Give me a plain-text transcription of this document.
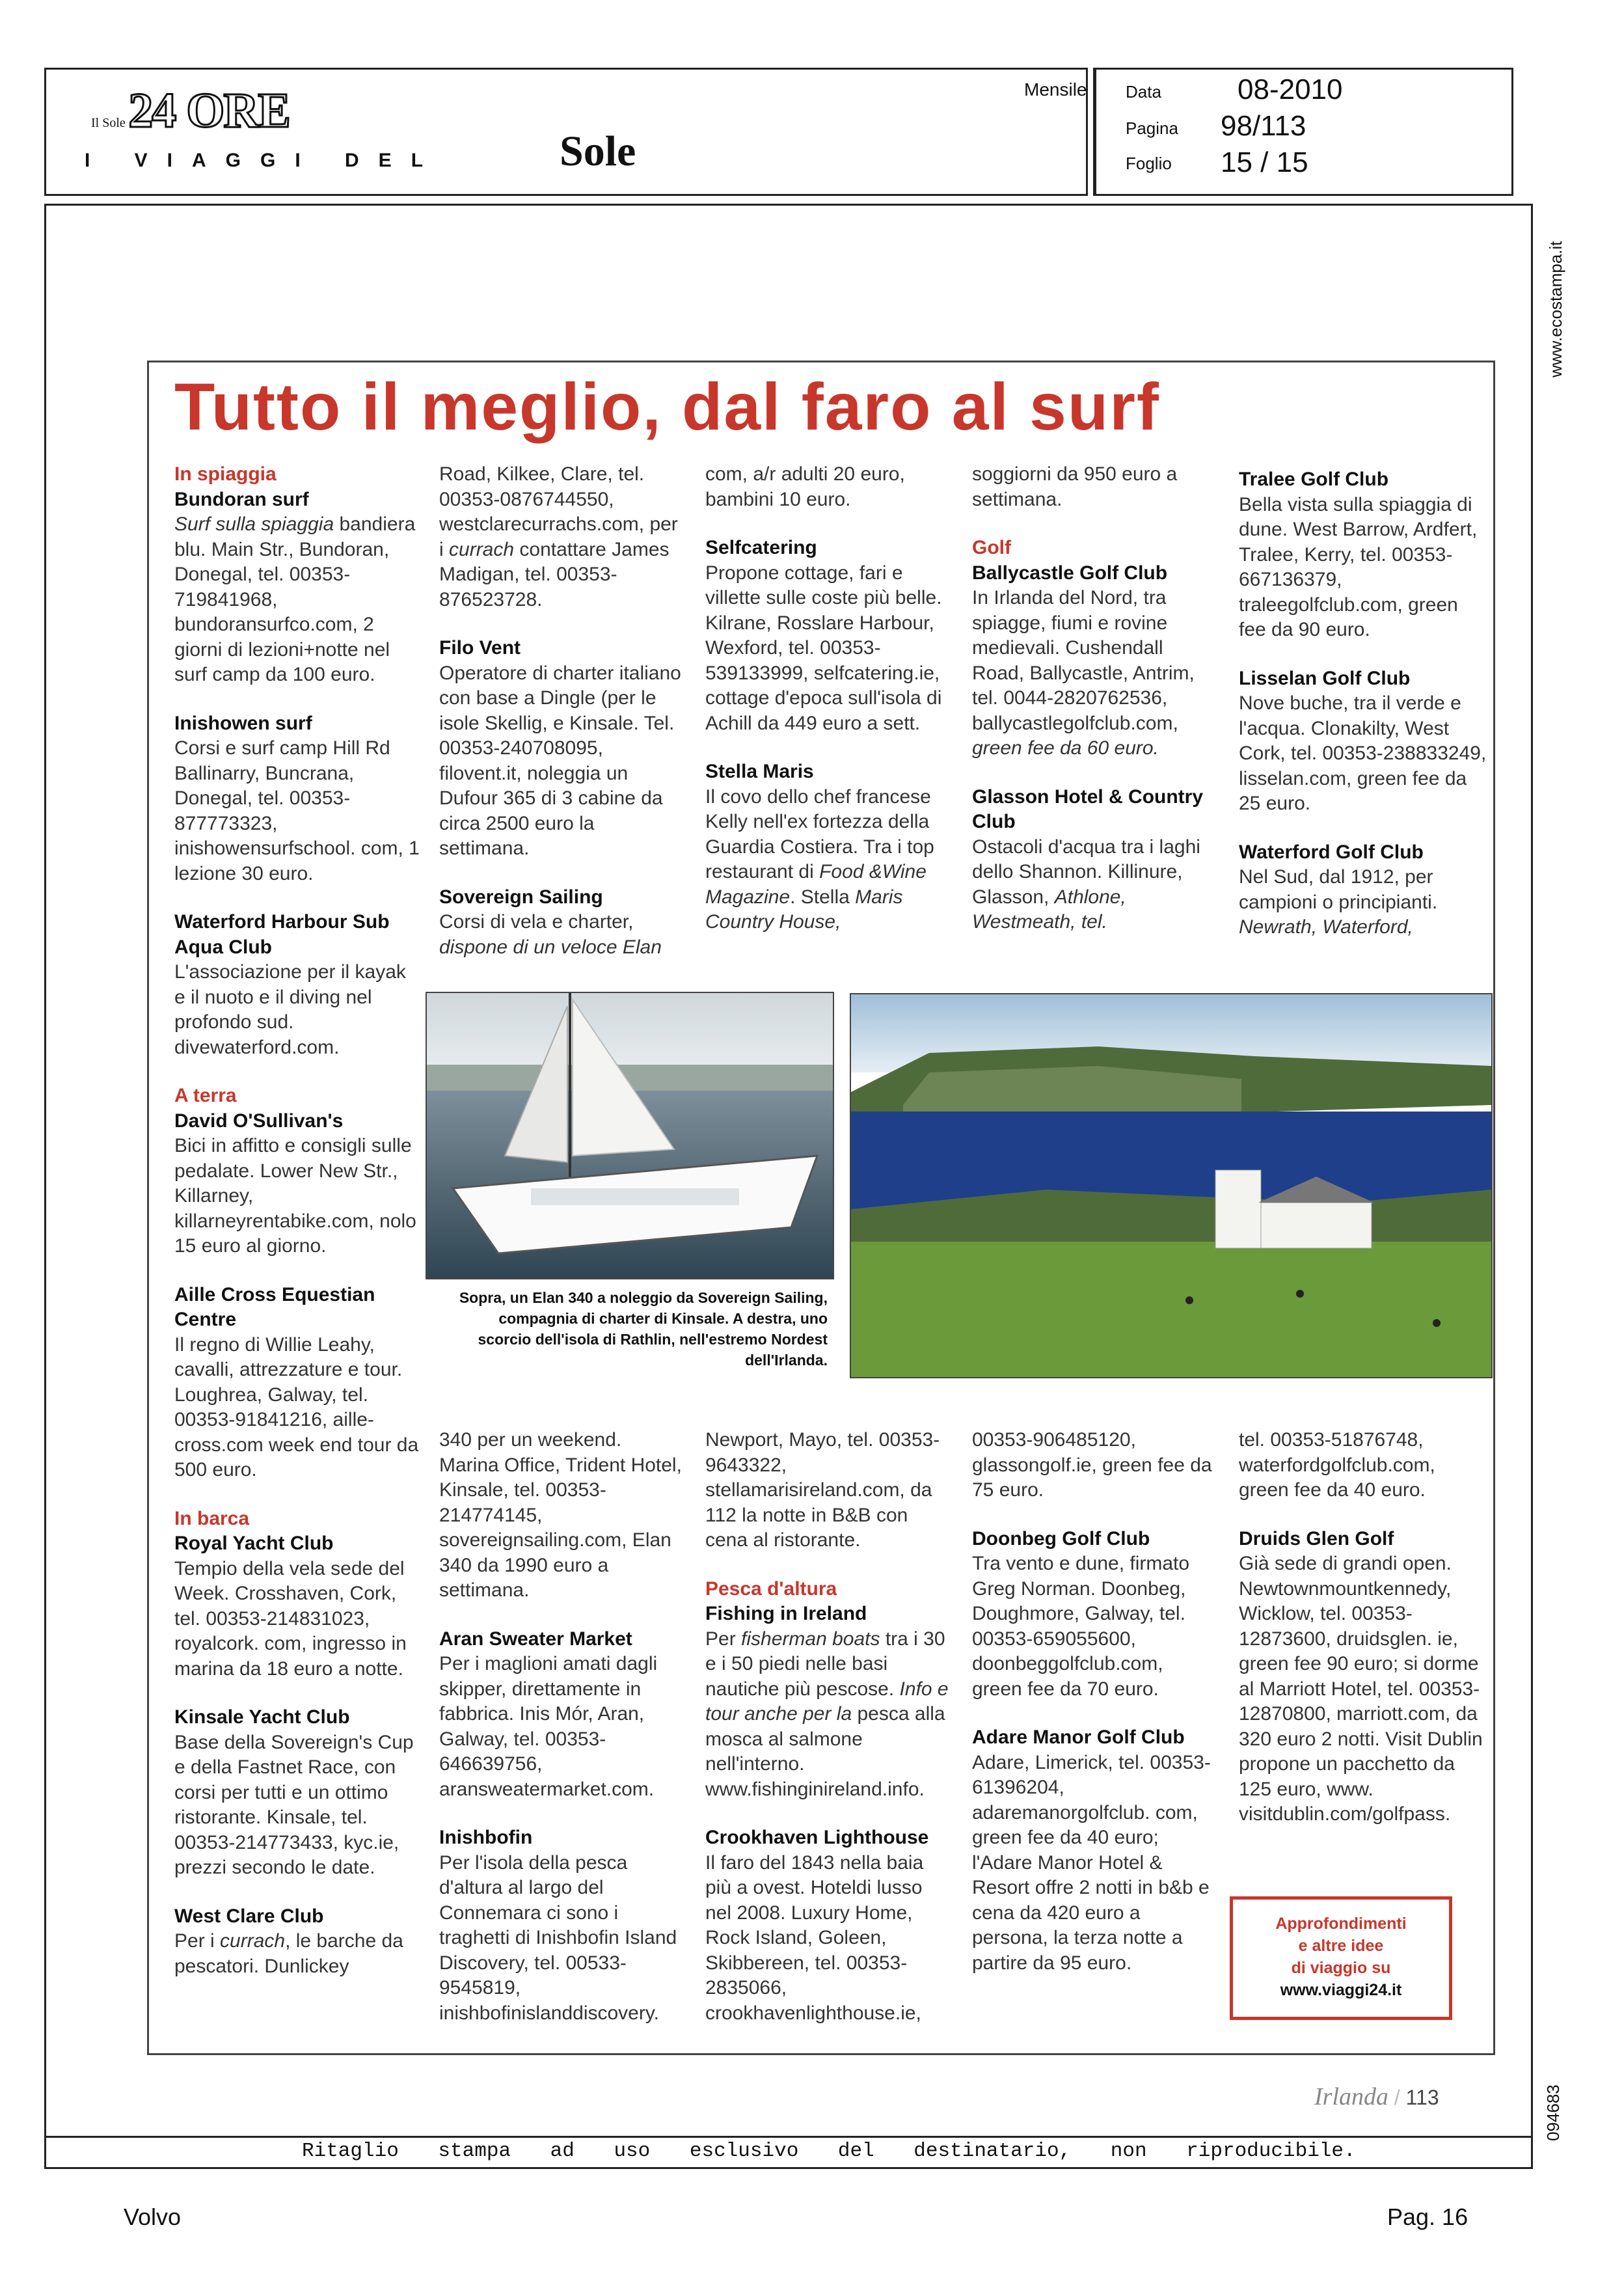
Il Sole 24 ORE
I VIAGGI DEL	Sole
Mensile Data	08-2010
Pagina 98/113
Foglio 15 / 15
www.ecostampa.it
094683
Tutto il meglio, dal faro al surf

In spiaggia
Bundoran surf
Surf sulla spiaggia bandiera blu. Main Str., Bundoran, Donegal, tel. 00353-719841968, bundoransurfco.com, 2 giorni di lezioni+notte nel surf camp da 100 euro.

Inishowen surf
Corsi e surf camp Hill Rd Ballinarry, Buncrana, Donegal, tel. 00353-877773323, inishowensurfschool. com, 1 lezione 30 euro.

Waterford Harbour Sub Aqua Club
L'associazione per il kayak e il nuoto e il diving nel profondo sud. divewaterford.com.

A terra
David O'Sullivan's
Bici in affitto e consigli sulle pedalate. Lower New Str., Killarney, killarneyrentabike.com, nolo 15 euro al giorno.

Aille Cross Equestian Centre
Il regno di Willie Leahy, cavalli, attrezzature e tour. Loughrea, Galway, tel. 00353-91841216, aille-cross.com week end tour da 500 euro.

In barca
Royal Yacht Club
Tempio della vela sede del Week. Crosshaven, Cork, tel. 00353-214831023, royalcork. com, ingresso in marina da 18 euro a notte.

Kinsale Yacht Club
Base della Sovereign's Cup e della Fastnet Race, con corsi per tutti e un ottimo ristorante. Kinsale, tel. 00353-214773433, kyc.ie, prezzi secondo le date.

West Clare Club
Per i currach, le barche da pescatori. Dunlickey

Road, Kilkee, Clare, tel. 00353-0876744550, westclarecurrachs.com, per i currach contattare James Madigan, tel. 00353-876523728.

Filo Vent
Operatore di charter italiano con base a Dingle (per le isole Skellig, e Kinsale. Tel. 00353-240708095, filovent.it, noleggia un Dufour 365 di 3 cabine da circa 2500 euro la settimana.

Sovereign Sailing
Corsi di vela e charter, dispone di un veloce Elan

com, a/r adulti 20 euro, bambini 10 euro.

Selfcatering
Propone cottage, fari e villette sulle coste più belle. Kilrane, Rosslare Harbour, Wexford, tel. 00353-539133999, selfcatering.ie, cottage d'epoca sull'isola di Achill da 449 euro a sett.

Stella Maris
Il covo dello chef francese Kelly nell'ex fortezza della Guardia Costiera. Tra i top restaurant di Food &Wine Magazine. Stella Maris Country House,

soggiorni da 950 euro a settimana.

Golf
Ballycastle Golf Club
In Irlanda del Nord, tra spiagge, fiumi e rovine medievali. Cushendall Road, Ballycastle, Antrim, tel. 0044-2820762536, ballycastlegolfclub.com, green fee da 60 euro.

Glasson Hotel & Country Club
Ostacoli d'acqua tra i laghi dello Shannon. Killinure, Glasson, Athlone, Westmeath, tel.

Tralee Golf Club
Bella vista sulla spiaggia di dune. West Barrow, Ardfert, Tralee, Kerry, tel. 00353-667136379, traleegolfclub.com, green fee da 90 euro.

Lisselan Golf Club
Nove buche, tra il verde e l'acqua. Clonakilty, West Cork, tel. 00353-238833249, lisselan.com, green fee da 25 euro.

Waterford Golf Club
Nel Sud, dal 1912, per campioni o principianti. Newrath, Waterford,

Sopra, un Elan 340 a noleggio da Sovereign Sailing, compagnia di charter di Kinsale. A destra, uno scorcio dell'isola di Rathlin, nell'estremo Nordest dell'Irlanda.

340 per un weekend. Marina Office, Trident Hotel, Kinsale, tel. 00353-214774145, sovereignsailing.com, Elan 340 da 1990 euro a settimana.

Aran Sweater Market
Per i maglioni amati dagli skipper, direttamente in fabbrica. Inis Mór, Aran, Galway, tel. 00353-646639756, aransweatermarket.com.

Inishbofin
Per l'isola della pesca d'altura al largo del Connemara ci sono i traghetti di Inishbofin Island Discovery, tel. 00533-9545819, inishbofinislanddiscovery.

Newport, Mayo, tel. 00353-9643322, stellamarisireland.com, da 112 la notte in B&B con cena al ristorante.

Pesca d'altura
Fishing in Ireland
Per fisherman boats tra i 30 e i 50 piedi nelle basi nautiche più pescose. Info e tour anche per la pesca alla mosca al salmone nell'interno. www.fishinginireland.info.

Crookhaven Lighthouse
Il faro del 1843 nella baia più a ovest. Hoteldi lusso nel 2008. Luxury Home, Rock Island, Goleen, Skibbereen, tel. 00353-2835066, crookhavenlighthouse.ie,

00353-906485120, glassongolf.ie, green fee da 75 euro.

Doonbeg Golf Club
Tra vento e dune, firmato Greg Norman. Doonbeg, Doughmore, Galway, tel. 00353-659055600, doonbeggolfclub.com, green fee da 70 euro.

Adare Manor Golf Club
Adare, Limerick, tel. 00353-61396204, adaremanorgolfclub. com, green fee da 40 euro; l'Adare Manor Hotel & Resort offre 2 notti in b&b e cena da 420 euro a persona, la terza notte a partire da 95 euro.

tel. 00353-51876748, waterfordgolfclub.com, green fee da 40 euro.

Druids Glen Golf
Già sede di grandi open. Newtownmountkennedy, Wicklow, tel. 00353-12873600, druidsglen. ie, green fee 90 euro; si dorme al Marriott Hotel, tel. 00353-12870800, marriott.com, da 320 euro 2 notti. Visit Dublin propone un pacchetto da 125 euro, www. visitdublin.com/golfpass.

Approfondimenti
e altre idee
di viaggio su
www.viaggi24.it
Irlanda / 113
Ritaglio stampa ad uso esclusivo del destinatario, non riproducibile.
Volvo	Pag. 16
